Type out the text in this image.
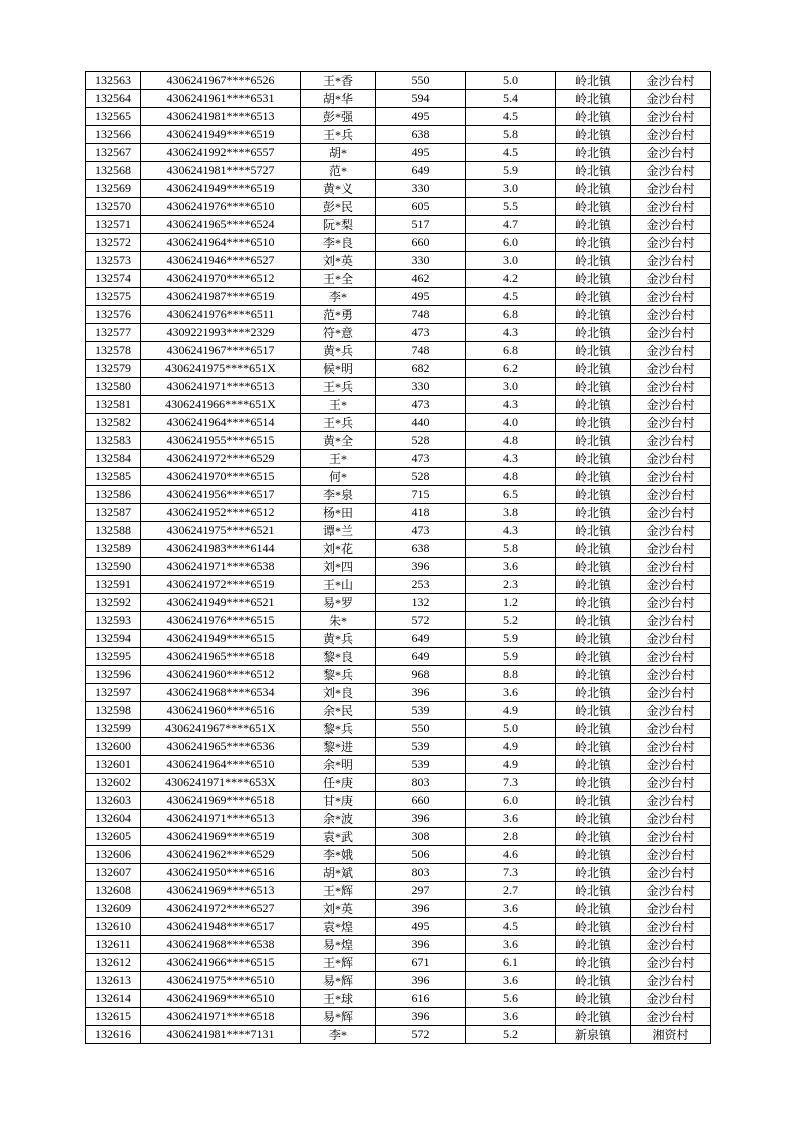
132563	4306241967****6526	王*香	550	5.0	岭北镇	金沙台村
132564	4306241961****6531	胡*华	594	5.4	岭北镇	金沙台村
132565	4306241981****6513	彭*强	495	4.5	岭北镇	金沙台村
132566	4306241949****6519	王*兵	638	5.8	岭北镇	金沙台村
132567	4306241992****6557	胡*	495	4.5	岭北镇	金沙台村
132568	4306241981****5727	范*	649	5.9	岭北镇	金沙台村
132569	4306241949****6519	黄*义	330	3.0	岭北镇	金沙台村
132570	4306241976****6510	彭*民	605	5.5	岭北镇	金沙台村
132571	4306241965****6524	阮*梨	517	4.7	岭北镇	金沙台村
132572	4306241964****6510	李*良	660	6.0	岭北镇	金沙台村
132573	4306241946****6527	刘*英	330	3.0	岭北镇	金沙台村
132574	4306241970****6512	王*全	462	4.2	岭北镇	金沙台村
132575	4306241987****6519	李*	495	4.5	岭北镇	金沙台村
132576	4306241976****6511	范*勇	748	6.8	岭北镇	金沙台村
132577	4309221993****2329	符*意	473	4.3	岭北镇	金沙台村
132578	4306241967****6517	黄*兵	748	6.8	岭北镇	金沙台村
132579	4306241975****651X	候*明	682	6.2	岭北镇	金沙台村
132580	4306241971****6513	王*兵	330	3.0	岭北镇	金沙台村
132581	4306241966****651X	王*	473	4.3	岭北镇	金沙台村
132582	4306241964****6514	王*兵	440	4.0	岭北镇	金沙台村
132583	4306241955****6515	黄*全	528	4.8	岭北镇	金沙台村
132584	4306241972****6529	王*	473	4.3	岭北镇	金沙台村
132585	4306241970****6515	何*	528	4.8	岭北镇	金沙台村
132586	4306241956****6517	李*泉	715	6.5	岭北镇	金沙台村
132587	4306241952****6512	杨*田	418	3.8	岭北镇	金沙台村
132588	4306241975****6521	谭*兰	473	4.3	岭北镇	金沙台村
132589	4306241983****6144	刘*花	638	5.8	岭北镇	金沙台村
132590	4306241971****6538	刘*四	396	3.6	岭北镇	金沙台村
132591	4306241972****6519	王*山	253	2.3	岭北镇	金沙台村
132592	4306241949****6521	易*罗	132	1.2	岭北镇	金沙台村
132593	4306241976****6515	朱*	572	5.2	岭北镇	金沙台村
132594	4306241949****6515	黄*兵	649	5.9	岭北镇	金沙台村
132595	4306241965****6518	黎*良	649	5.9	岭北镇	金沙台村
132596	4306241960****6512	黎*兵	968	8.8	岭北镇	金沙台村
132597	4306241968****6534	刘*良	396	3.6	岭北镇	金沙台村
132598	4306241960****6516	余*民	539	4.9	岭北镇	金沙台村
132599	4306241967****651X	黎*兵	550	5.0	岭北镇	金沙台村
132600	4306241965****6536	黎*进	539	4.9	岭北镇	金沙台村
132601	4306241964****6510	余*明	539	4.9	岭北镇	金沙台村
132602	4306241971****653X	任*庚	803	7.3	岭北镇	金沙台村
132603	4306241969****6518	甘*庚	660	6.0	岭北镇	金沙台村
132604	4306241971****6513	余*波	396	3.6	岭北镇	金沙台村
132605	4306241969****6519	袁*武	308	2.8	岭北镇	金沙台村
132606	4306241962****6529	李*娥	506	4.6	岭北镇	金沙台村
132607	4306241950****6516	胡*斌	803	7.3	岭北镇	金沙台村
132608	4306241969****6513	王*辉	297	2.7	岭北镇	金沙台村
132609	4306241972****6527	刘*英	396	3.6	岭北镇	金沙台村
132610	4306241948****6517	袁*煌	495	4.5	岭北镇	金沙台村
132611	4306241968****6538	易*煌	396	3.6	岭北镇	金沙台村
132612	4306241966****6515	王*辉	671	6.1	岭北镇	金沙台村
132613	4306241975****6510	易*辉	396	3.6	岭北镇	金沙台村
132614	4306241969****6510	王*球	616	5.6	岭北镇	金沙台村
132615	4306241971****6518	易*辉	396	3.6	岭北镇	金沙台村
132616	4306241981****7131	李*	572	5.2	新泉镇	湘资村
